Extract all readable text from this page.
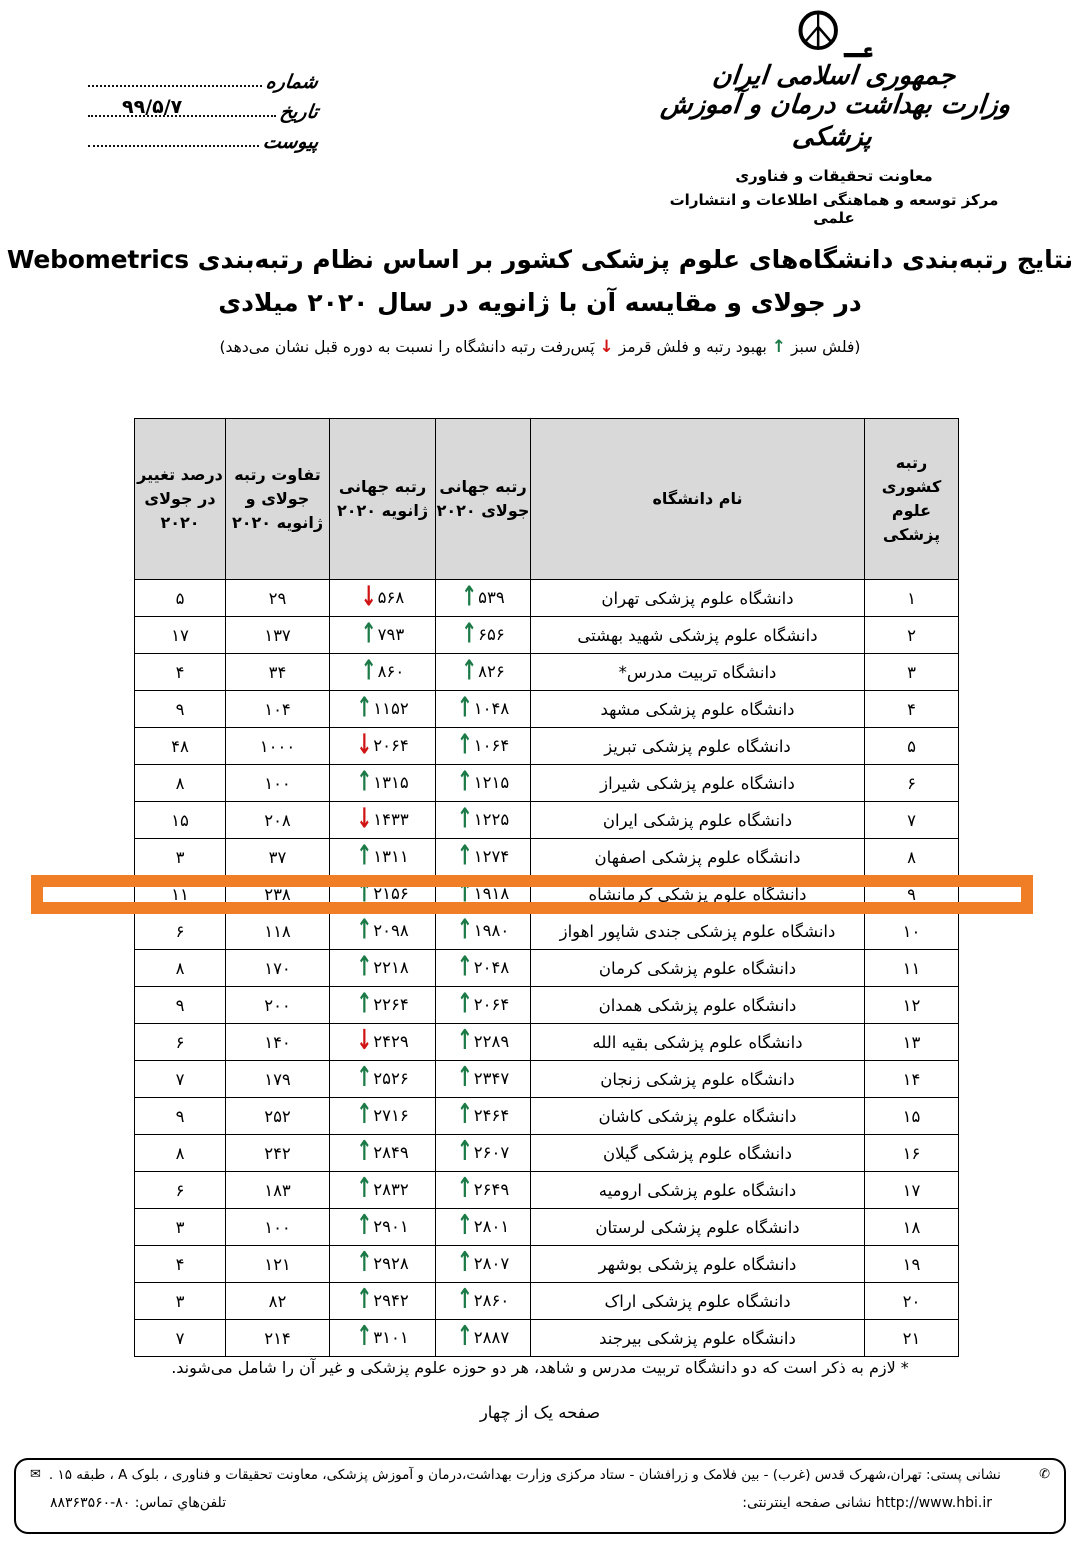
؀☮
جمهوری اسلامی ایران
وزارت بهداشت درمان و آموزش پزشکی
معاونت تحقیقات و فناوری
مرکز توسعه و هماهنگی اطلاعات و انتشارات علمی
شماره
تاریخ
۹۹/۵/۷
پیوست
نتایج رتبه‌بندی دانشگاه‌های علوم پزشکی کشور بر اساس نظام رتبه‌بندی Webometrics
در جولای و مقایسه آن با ژانویه در سال ۲۰۲۰ میلادی
(فلش سبز ↑ بهبود رتبه و فلش قرمز ↓ پَس‌رفت رتبه دانشگاه را نسبت به دوره قبل نشان می‌دهد)
رتبه کشوری علوم پزشکی	نام دانشگاه	رتبه جهانی جولای ۲۰۲۰	رتبه جهانی ژانویه ۲۰۲۰	تفاوت رتبه جولای و ژانویه ۲۰۲۰	درصد تغییر در جولای ۲۰۲۰
۱	دانشگاه علوم پزشکی تهران	↑ ۵۳۹	↓ ۵۶۸	۲۹	۵
۲	دانشگاه علوم پزشکی شهید بهشتی	↑ ۶۵۶	↑ ۷۹۳	۱۳۷	۱۷
۳	دانشگاه تربیت مدرس*	↑ ۸۲۶	↑ ۸۶۰	۳۴	۴
۴	دانشگاه علوم پزشکی مشهد	↑ ۱۰۴۸	↑ ۱۱۵۲	۱۰۴	۹
۵	دانشگاه علوم پزشکی تبریز	↑ ۱۰۶۴	↓ ۲۰۶۴	۱۰۰۰	۴۸
۶	دانشگاه علوم پزشکی شیراز	↑ ۱۲۱۵	↑ ۱۳۱۵	۱۰۰	۸
۷	دانشگاه علوم پزشکی ایران	↑ ۱۲۲۵	↓ ۱۴۳۳	۲۰۸	۱۵
۸	دانشگاه علوم پزشکی اصفهان	↑ ۱۲۷۴	↑ ۱۳۱۱	۳۷	۳
۹	دانشگاه علوم پزشکی کرمانشاه	↑ ۱۹۱۸	↑ ۲۱۵۶	۲۳۸	۱۱
۱۰	دانشگاه علوم پزشکی جندی شاپور اهواز	↑ ۱۹۸۰	↑ ۲۰۹۸	۱۱۸	۶
۱۱	دانشگاه علوم پزشکی کرمان	↑ ۲۰۴۸	↑ ۲۲۱۸	۱۷۰	۸
۱۲	دانشگاه علوم پزشکی همدان	↑ ۲۰۶۴	↑ ۲۲۶۴	۲۰۰	۹
۱۳	دانشگاه علوم پزشکی بقیه الله	↑ ۲۲۸۹	↓ ۲۴۲۹	۱۴۰	۶
۱۴	دانشگاه علوم پزشکی زنجان	↑ ۲۳۴۷	↑ ۲۵۲۶	۱۷۹	۷
۱۵	دانشگاه علوم پزشکی کاشان	↑ ۲۴۶۴	↑ ۲۷۱۶	۲۵۲	۹
۱۶	دانشگاه علوم پزشکی گیلان	↑ ۲۶۰۷	↑ ۲۸۴۹	۲۴۲	۸
۱۷	دانشگاه علوم پزشکی ارومیه	↑ ۲۶۴۹	↑ ۲۸۳۲	۱۸۳	۶
۱۸	دانشگاه علوم پزشکی لرستان	↑ ۲۸۰۱	↑ ۲۹۰۱	۱۰۰	۳
۱۹	دانشگاه علوم پزشکی بوشهر	↑ ۲۸۰۷	↑ ۲۹۲۸	۱۲۱	۴
۲۰	دانشگاه علوم پزشکی اراک	↑ ۲۸۶۰	↑ ۲۹۴۲	۸۲	۳
۲۱	دانشگاه علوم پزشکی بیرجند	↑ ۲۸۸۷	↑ ۳۱۰۱	۲۱۴	۷
* لازم به ذکر است که دو دانشگاه تربیت مدرس و شاهد، هر دو حوزه علوم پزشکی و غیر آن را شامل می‌شوند.
صفحه یک از چهار
✆
نشانی پستی: تهران،شهرک قدس (غرب) - بین فلامک و زرافشان - ستاد مرکزی وزارت بهداشت،درمان و آموزش پزشکی، معاونت تحقیقات و فناوری ، بلوک A ، طبقه ۱۵ .
✉
http://www.hbi.ir نشانی صفحه اینترنتی:
تلفن‌هاي تماس: ۸۸۳۶۳۵۶۰-۸۰
